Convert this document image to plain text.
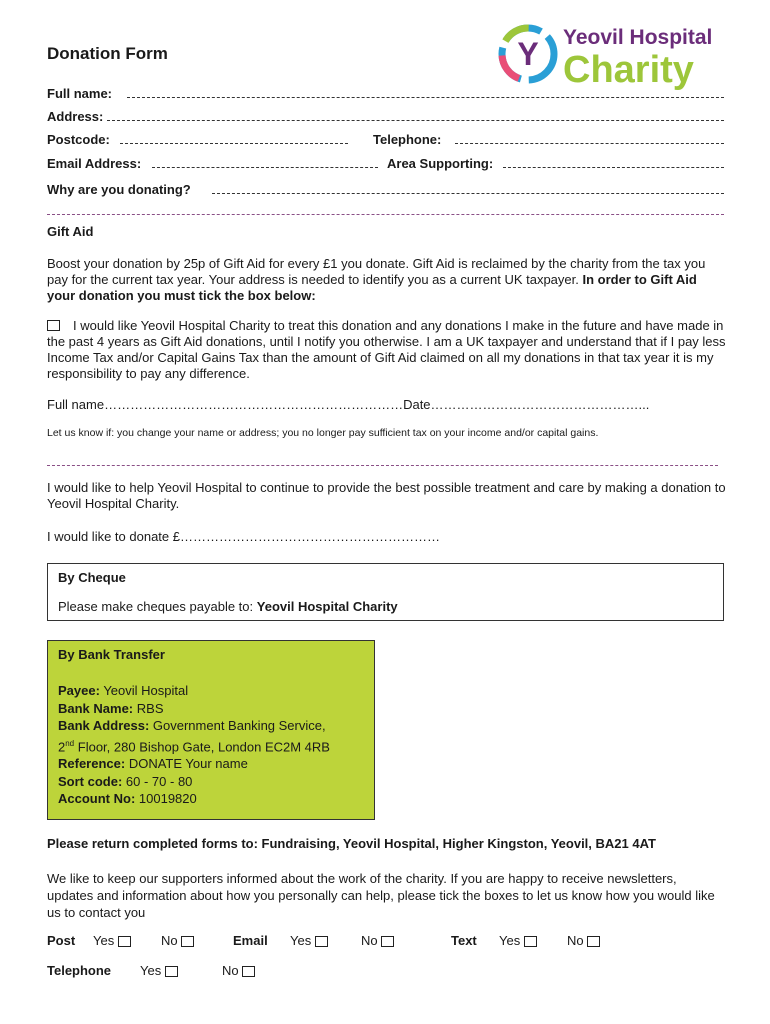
Donation Form	Y Yeovil Hospital
Charity
Full name:
Address:
Postcode:	Telephone:
Email Address:	Area Supporting:
Why are you donating?
Gift Aid
Boost your donation by 25p of Gift Aid for every £1 you donate. Gift Aid is reclaimed by the charity from the tax you pay for the current tax year. Your address is needed to identify you as a current UK taxpayer. In order to Gift Aid your donation you must tick the box below:
I would like Yeovil Hospital Charity to treat this donation and any donations I make in the future and have made in the past 4 years as Gift Aid donations, until I notify you otherwise. I am a UK taxpayer and understand that if I pay less Income Tax and/or Capital Gains Tax than the amount of Gift Aid claimed on all my donations in that tax year it is my responsibility to pay any difference.
Full name……………………………………………………………Date…………………………………………...
Let us know if: you change your name or address; you no longer pay sufficient tax on your income and/or capital gains.
I would like to help Yeovil Hospital to continue to provide the best possible treatment and care by making a donation to Yeovil Hospital Charity.
I would like to donate £……………………………………………………
By Cheque
Please make cheques payable to: Yeovil Hospital Charity
By Bank Transfer
Payee: Yeovil Hospital
Bank Name: RBS
Bank Address: Government Banking Service,
2nd Floor, 280 Bishop Gate, London EC2M 4RB
Reference: DONATE Your name
Sort code: 60 - 70 - 80
Account No: 10019820
Please return completed forms to: Fundraising, Yeovil Hospital, Higher Kingston, Yeovil, BA21 4AT
We like to keep our supporters informed about the work of the charity. If you are happy to receive newsletters, updates and information about how you personally can help, please tick the boxes to let us know how you would like us to contact you
Post Yes	No	Email Yes	No	Text Yes	No
Telephone Yes	No
